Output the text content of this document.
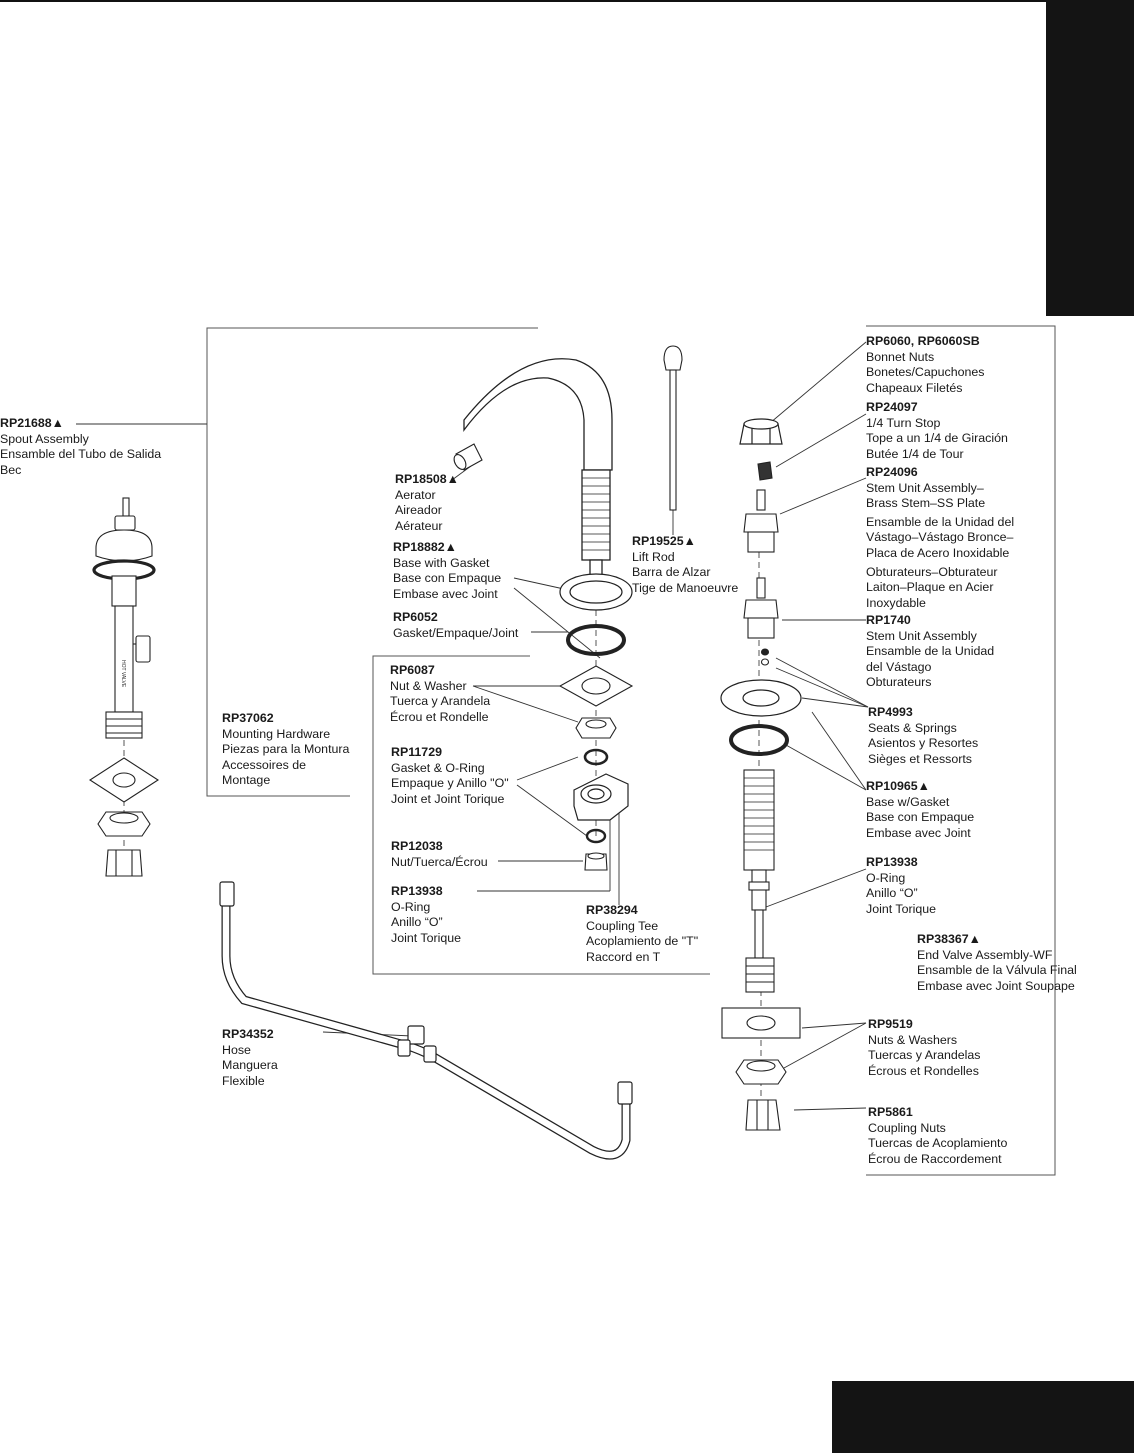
HOT VALVE
RP21688▲
Spout Assembly
Ensamble del Tubo de Salida
Bec
RP18508▲
Aerator
Aireador
Aérateur
RP18882▲
Base with Gasket
Base con Empaque
Embase avec Joint
RP6052
Gasket/Empaque/Joint
RP6087
Nut & Washer
Tuerca y Arandela
Écrou et Rondelle
RP37062
Mounting Hardware
Piezas para la Montura
Accessoires de
Montage
RP11729
Gasket & O-Ring
Empaque y Anillo "O"
Joint et Joint Torique
RP12038
Nut/Tuerca/Écrou
RP13938
O-Ring
Anillo “O”
Joint Torique
RP38294
Coupling Tee
Acoplamiento de "T"
Raccord en T
RP19525▲
Lift Rod
Barra de Alzar
Tige de Manoeuvre
RP34352
Hose
Manguera
Flexible
RP6060, RP6060SB
Bonnet Nuts
Bonetes/Capuchones
Chapeaux Filetés
RP24097
1/4 Turn Stop
Tope a un 1/4 de Giración
Butée 1/4 de Tour
RP24096
Stem Unit Assembly–
Brass Stem–SS Plate
Ensamble de la Unidad del
Vástago–Vástago Bronce–
Placa de Acero Inoxidable
Obturateurs–Obturateur
Laiton–Plaque en Acier
Inoxydable
RP1740
Stem Unit Assembly
Ensamble de la Unidad
del Vástago
Obturateurs
RP4993
Seats & Springs
Asientos y Resortes
Sièges et Ressorts
RP10965▲
Base w/Gasket
Base con Empaque
Embase avec Joint
RP13938
O-Ring
Anillo “O”
Joint Torique
RP38367▲
End Valve Assembly-WF
Ensamble de la Válvula Final
Embase avec Joint Soupape
RP9519
Nuts & Washers
Tuercas y Arandelas
Écrous et Rondelles
RP5861
Coupling Nuts
Tuercas de Acoplamiento
Écrou de Raccordement
